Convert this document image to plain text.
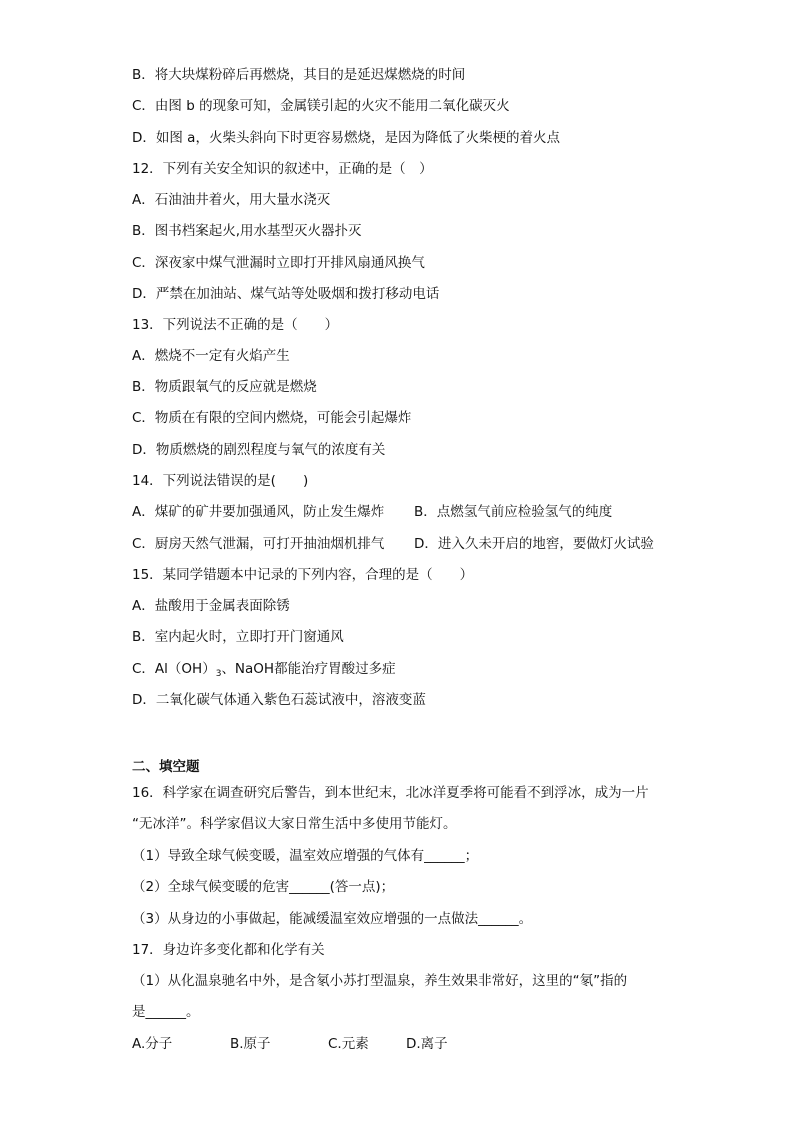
B．将大块煤粉碎后再燃烧，其目的是延迟煤燃烧的时间
C．由图 b 的现象可知，金属镁引起的火灾不能用二氧化碳灭火
D．如图 a，火柴头斜向下时更容易燃烧，是因为降低了火柴梗的着火点
12．下列有关安全知识的叙述中，正确的是（　）
A．石油油井着火，用大量水浇灭
B．图书档案起火,用水基型灭火器扑灭
C．深夜家中煤气泄漏时立即打开排风扇通风换气
D．严禁在加油站、煤气站等处吸烟和拨打移动电话
13．下列说法不正确的是（　　）
A．燃烧不一定有火焰产生
B．物质跟氧气的反应就是燃烧
C．物质在有限的空间内燃烧，可能会引起爆炸
D．物质燃烧的剧烈程度与氧气的浓度有关
14．下列说法错误的是(　　)
A．煤矿的矿井要加强通风，防止发生爆炸 B．点燃氢气前应检验氢气的纯度
C．厨房天然气泄漏，可打开抽油烟机排气 D．进入久未开启的地窖，要做灯火试验
15．某同学错题本中记录的下列内容，合理的是（　　）
A．盐酸用于金属表面除锈
B．室内起火时，立即打开门窗通风
C．$Al(OH)_3$、NaOH都能治疗胃酸过多症
D．二氧化碳气体通入紫色石蕊试液中，溶液变蓝
二、填空题
16．科学家在调查研究后警告，到本世纪末，北冰洋夏季将可能看不到浮冰，成为一片
“无冰洋”。科学家倡议大家日常生活中多使用节能灯。
（1）导致全球气候变暖，温室效应增强的气体有______；
（2）全球气候变暖的危害______(答一点)；
（3）从身边的小事做起，能减缓温室效应增强的一点做法______。
17．身边许多变化都和化学有关
（1）从化温泉驰名中外，是含氡小苏打型温泉，养生效果非常好，这里的“氡”指的
是______。
A.分子	B.原子	C.元素	D.离子
